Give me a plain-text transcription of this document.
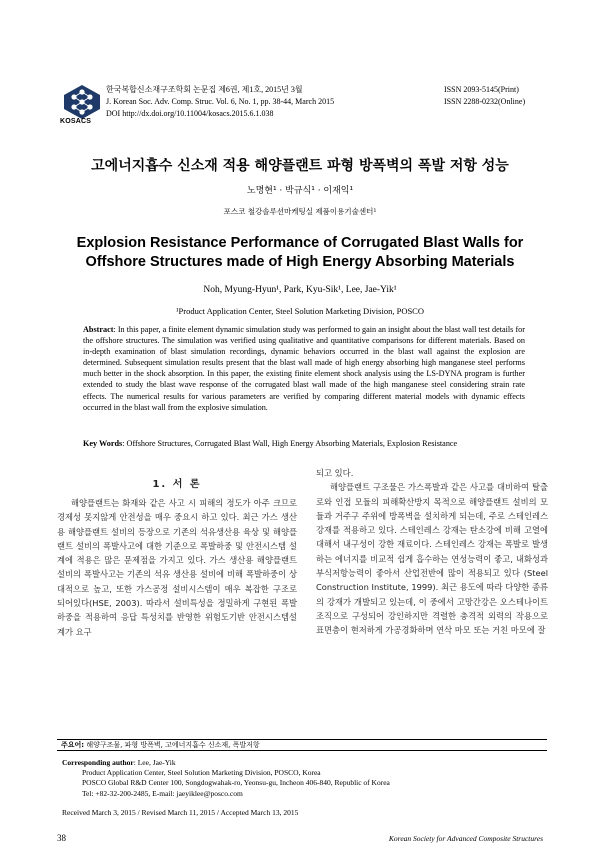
KOSACS
한국복합신소재구조학회 논문집 제6권, 제1호, 2015년 3월
J. Korean Soc. Adv. Comp. Struc. Vol. 6, No. 1, pp. 38-44, March 2015
DOI http://dx.doi.org/10.11004/kosacs.2015.6.1.038
ISSN 2093-5145(Print)
ISSN 2288-0232(Online)
고에너지흡수 신소재 적용 해양플랜트 파형 방폭벽의 폭발 저항 성능
노명현¹ · 박규식¹ · 이재익¹
포스코 철강솔루션마케팅실 제품이용기술센터¹
Explosion Resistance Performance of Corrugated Blast Walls for
Offshore Structures made of High Energy Absorbing Materials
Noh, Myung-Hyun¹, Park, Kyu-Sik¹, Lee, Jae-Yik¹
¹Product Application Center, Steel Solution Marketing Division, POSCO
Abstract: In this paper, a finite element dynamic simulation study was performed to gain an insight about the blast wall test details for the offshore structures. The simulation was verified using qualitative and quantitative comparisons for different materials. Based on in-depth examination of blast simulation recordings, dynamic behaviors occurred in the blast wall against the explosion are determined. Subsequent simulation results present that the blast wall made of high energy absorbing high manganese steel performs much better in the shock absorption. In this paper, the existing finite element shock analysis using the LS-DYNA program is further extended to study the blast wave response of the corrugated blast wall made of the high manganese steel considering strain rate effects. The numerical results for various parameters are verified by comparing different material models with dynamic effects occurred in the blast wall from the explosive simulation.
Key Words: Offshore Structures, Corrugated Blast Wall, High Energy Absorbing Materials, Explosion Resistance
1. 서 론

해양플랜트는 화재와 같은 사고 시 피해의 정도가 아주 크므로 경제성 못지않게 안전성을 매우 중요시 하고 있다. 최근 가스 생산용 해양플랜트 설비의 등장으로 기존의 석유생산용 육상 및 해양플랜트 설비의 폭발사고에 대한 기준으로 폭발하중 및 안전시스템 설계에 적용은 많은 문제점을 가지고 있다. 가스 생산용 해양플랜트 설비의 폭발사고는 기존의 석유 생산용 설비에 비해 폭발하중이 상대적으로 높고, 또한 가스공정 설비시스템이 매우 복잡한 구조로 되어있다(HSE, 2003). 따라서 설비특성을 정밀하게 구현된 폭발하중을 적용하여 응답 특성치를 반영한 위험도기반 안전시스템설계가 요구

되고 있다.

해양플랜트 구조물은 가스폭발과 같은 사고를 대비하여 탈출로와 인접 모듈의 피해확산방지 목적으로 해양플랜트 설비의 모듈과 거주구 주위에 방폭벽을 설치하게 되는데, 주로 스테인레스 강재를 적용하고 있다. 스테인레스 강재는 탄소강에 비해 고열에 대해서 내구성이 강한 재료이다. 스테인레스 강재는 폭발로 발생하는 에너지를 비교적 쉽게 흡수하는 연성능력이 좋고, 내화성과 부식저항능력이 좋아서 산업전반에 많이 적용되고 있다 (Steel Construction Institute, 1999). 최근 용도에 따라 다양한 종류의 강재가 개발되고 있는데, 이 중에서 고망간강은 오스테나이트 조직으로 구성되어 강인하지만 격렬한 충격적 외력의 작용으로 표면층이 현저하게 가공경화하며 연삭 마모 또는 거친 마모에 잘

주요어: 해양구조물, 파형 방폭벽, 고에너지흡수 신소재, 폭발저항
Corresponding author: Lee, Jae-Yik
Product Application Center, Steel Solution Marketing Division, POSCO, Korea
POSCO Global R&D Center 100, Songdogwahak-ro, Yeonsu-gu, Incheon 406-840, Republic of Korea
Tel: +82-32-200-2485, E-mail: jaeyiklee@posco.com
Received March 3, 2015 / Revised March 11, 2015 / Accepted March 13, 2015
38	Korean Society for Advanced Composite Structures
